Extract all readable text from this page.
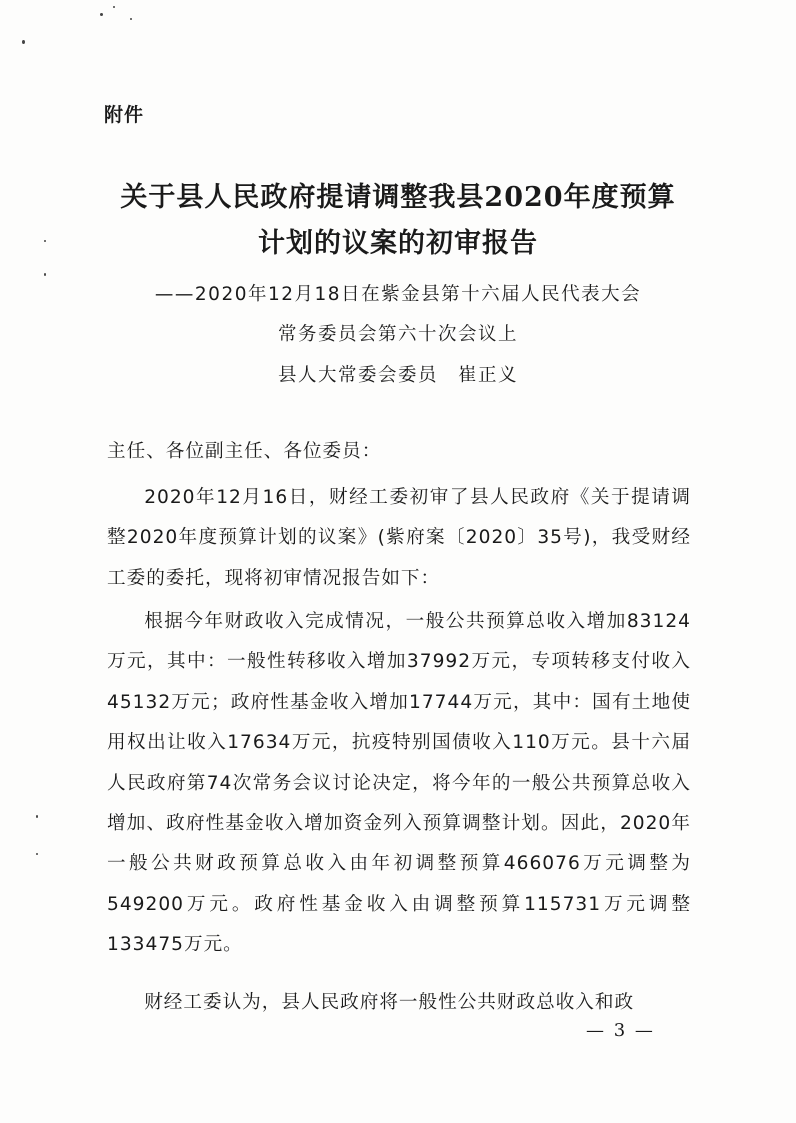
附件
关于县人民政府提请调整我县2020年度预算
计划的议案的初审报告
——2020年12月18日在紫金县第十六届人民代表大会
常务委员会第六十次会议上
县人大常委会委员　崔正义

主任、各位副主任、各位委员：

2020年12月16日，财经工委初审了县人民政府《关于提请调整2020年度预算计划的议案》(紫府案〔2020〕35号)，我受财经工委的委托，现将初审情况报告如下：

根据今年财政收入完成情况，一般公共预算总收入增加83124万元，其中：一般性转移收入增加37992万元，专项转移支付收入45132万元；政府性基金收入增加17744万元，其中：国有土地使用权出让收入17634万元，抗疫特别国债收入110万元。县十六届人民政府第74次常务会议讨论决定，将今年的一般公共预算总收入增加、政府性基金收入增加资金列入预算调整计划。因此，2020年一般公共财政预算总收入由年初调整预算466076万元调整为549200万元。政府性基金收入由调整预算115731万元调整133475万元。

财经工委认为，县人民政府将一般性公共财政总收入和政

— 3 —
